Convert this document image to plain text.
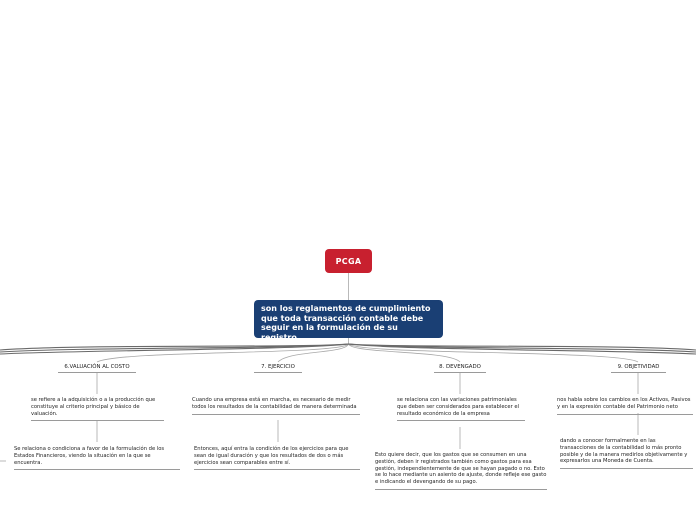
PCGA
son los reglamentos de cumplimiento que toda transacción contable debe seguir en la formulación de su registro
6.VALUACIÓN AL COSTO
se refiere a la adquisición o a la producción que constituye al criterio principal y básico de valuación.
Se relaciona o condiciona a favor de la formulación de los Estados Financieros, viendo la situación en la que se encuentra.
7. EJERCICIO
Cuando una empresa está en marcha, es necesario de medir todos los resultados de la contabilidad de manera determinada
Entonces, aquí entra la condición de los ejercicios para que sean de igual duración y que los resultados de dos o más ejercicios sean comparables entre sí.
8. DEVENGADO
se relaciona con las variaciones patrimoniales que deben ser considerados para establecer el resultado económico de la empresa
Esto quiere decir, que los gastos que se consumen en una gestión, deben ir registrados también como gastos para esa gestión, independientemente de que se hayan pagado o no. Esto se lo hace mediante un asiento de ajuste, donde refleje ese gasto e indicando el devengando de su pago.
9. OBJETIVIDAD
nos habla sobre los cambios en los Activos, Pasivos y en la expresión contable del Patrimonio neto
dando a conocer formalmente en las transacciones de la contabilidad lo más pronto posible y de la manera medirlos objetivamente y expresarlos una Moneda de Cuenta.
